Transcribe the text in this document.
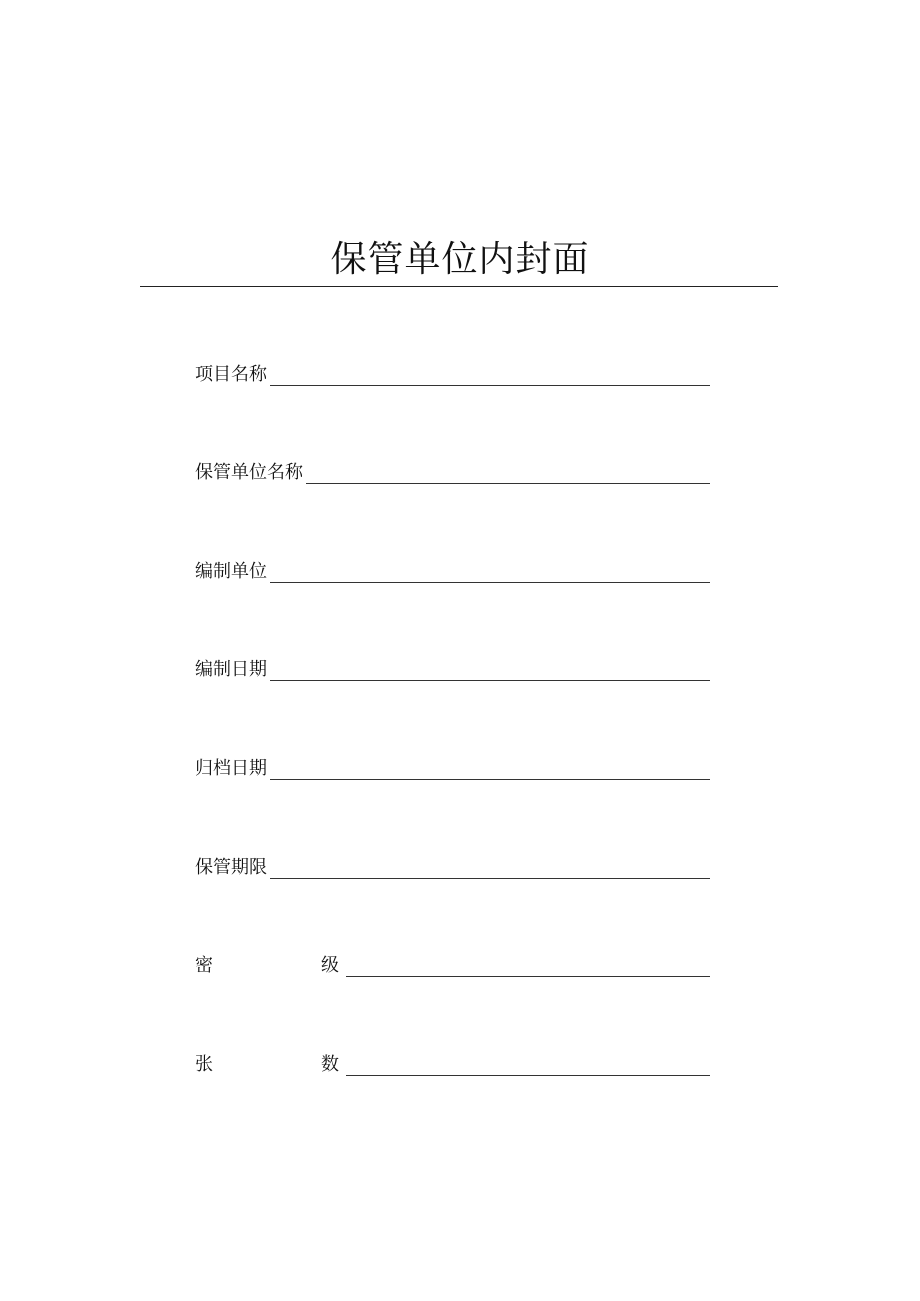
保管单位内封面
项目名称
保管单位名称
编制单位
编制日期
归档日期
保管期限
密	级
张	数
